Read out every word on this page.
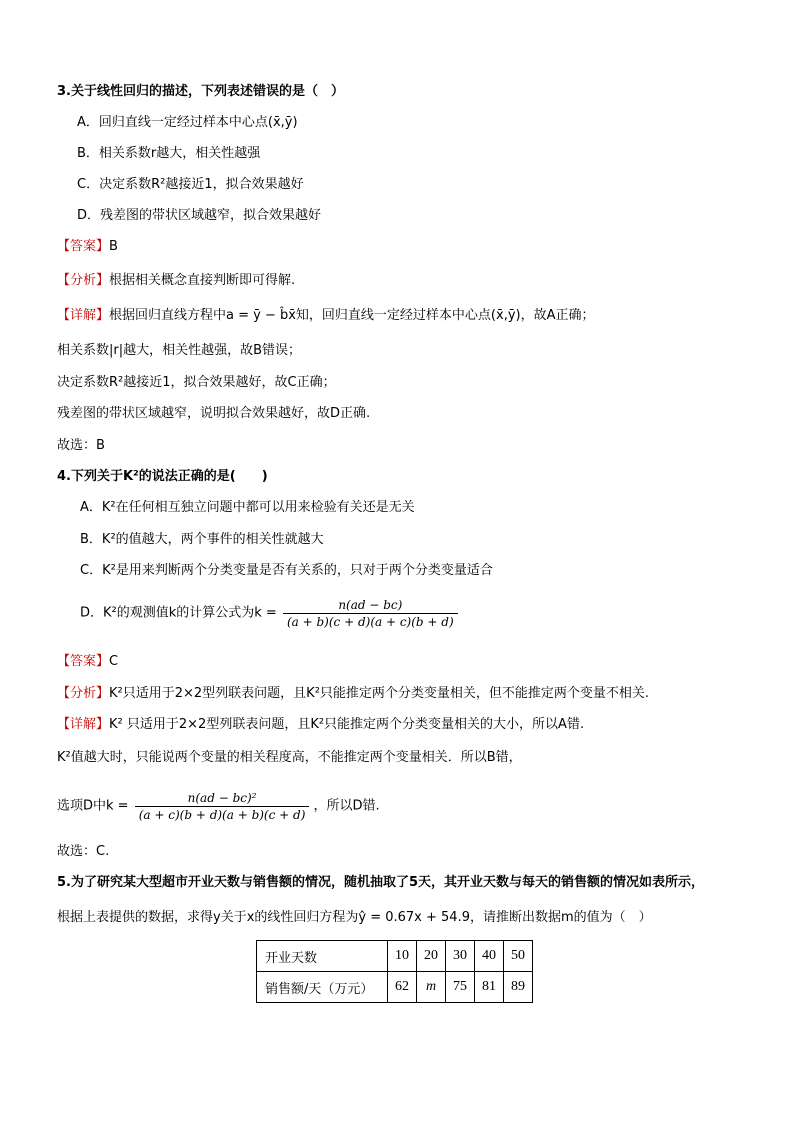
3.关于线性回归的描述，下列表述错误的是（　）
A．回归直线一定经过样本中心点(x̄,ȳ)
B．相关系数r越大，相关性越强
C．决定系数R²越接近1，拟合效果越好
D．残差图的带状区域越窄，拟合效果越好
【答案】B
【分析】根据相关概念直接判断即可得解.
【详解】根据回归直线方程中a = ȳ − b̂x̄知，回归直线一定经过样本中心点(x̄,ȳ)，故A正确；
相关系数|r|越大，相关性越强，故B错误；
决定系数R²越接近1，拟合效果越好，故C正确；
残差图的带状区域越窄，说明拟合效果越好，故D正确.
故选：B
4.下列关于K²的说法正确的是(　　)
A．K²在任何相互独立问题中都可以用来检验有关还是无关
B．K²的值越大，两个事件的相关性就越大
C．K²是用来判断两个分类变量是否有关系的，只对于两个分类变量适合
D．K²的观测值k的计算公式为$k = \frac{n(ad - bc)}{(a + b)(c + d)(a + c)(b + d)}$
【答案】C
【分析】K²只适用于2×2型列联表问题，且K²只能推定两个分类变量相关，但不能推定两个变量不相关.
【详解】K² 只适用于2×2型列联表问题，且K²只能推定两个分类变量相关的大小，所以A错.
K²值越大时，只能说两个变量的相关程度高，不能推定两个变量相关．所以B错，
选项D中$k = \frac{\text{n(ad − bc)²}}{(a + c)(b + d)(a + b)(c + d)}$ ，所以D错.
故选：C.
5.为了研究某大型超市开业天数与销售额的情况，随机抽取了5天，其开业天数与每天的销售额的情况如表所示，
根据上表提供的数据，求得y关于x的线性回归方程为ŷ = 0.67x + 54.9，请推断出数据m的值为（　）
开业天数	10	20	30	40	50
销售额/天（万元）	62	m	75	81	89
